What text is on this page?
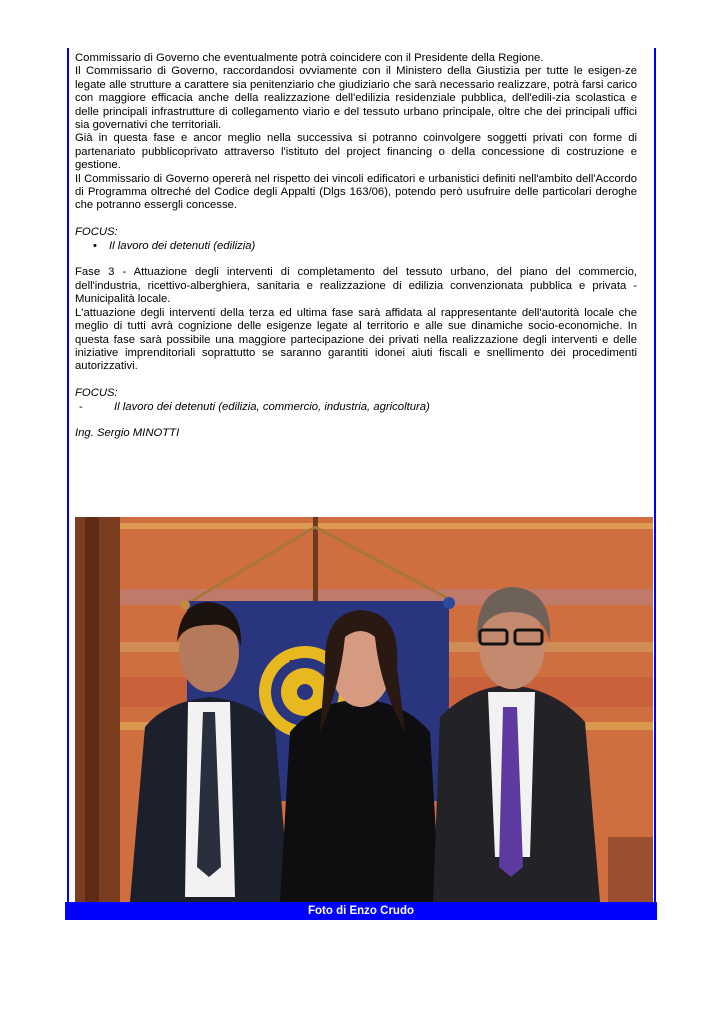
Commissario di Governo che eventualmente potrà coincidere con il Presidente della Regione.

Il Commissario di Governo, raccordandosi ovviamente con il Ministero della Giustizia per tutte le esigen-ze legate alle strutture a carattere sia penitenziario che giudiziario che sarà necessario realizzare, potrà farsi carico con maggiore efficacia anche della realizzazione dell'edilizia residenziale pubblica, dell'edili-zia scolastica e delle principali infrastrutture di collegamento viario e del tessuto urbano principale, oltre che dei principali uffici sia governativi che territoriali.

Già in questa fase e ancor meglio nella successiva si potranno coinvolgere soggetti privati con forme di partenariato pubblicoprivato attraverso l'istituto del project financing o della concessione di costruzione e gestione.

Il Commissario di Governo opererà nel rispetto dei vincoli edificatori e urbanistici definiti nell'ambito dell'Accordo di Programma oltreché del Codice degli Appalti (Dlgs 163/06), potendo però usufruire delle particolari deroghe che potranno essergli concesse.

FOCUS:

• Il lavoro dei detenuti (edilizia)

Fase 3 - Attuazione degli interventi di completamento del tessuto urbano, del piano del commercio, dell'industria, ricettivo-alberghiera, sanitaria e realizzazione di edilizia convenzionata pubblica e privata - Municipalità locale.

L'attuazione degli interventi della terza ed ultima fase sarà affidata al rappresentante dell'autorità locale che meglio di tutti avrà cognizione delle esigenze legate al territorio e alle sue dinamiche socio-economiche. In questa fase sarà possibile una maggiore partecipazione dei privati nella realizzazione degli interventi e delle iniziative imprenditoriali soprattutto se saranno garantiti idonei aiuti fiscali e snellimento dei procedimenti autorizzativi.

FOCUS:

-	Il lavoro dei detenuti (edilizia, commercio, industria, agricoltura)

Ing. Sergio MINOTTI

ROTA
Foto di Enzo Crudo
